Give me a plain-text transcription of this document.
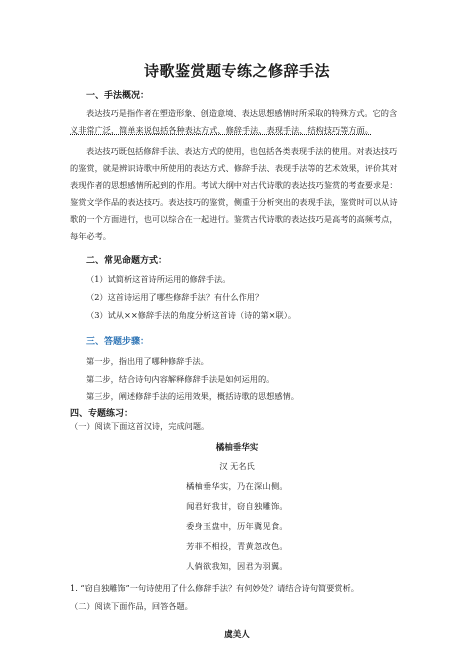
诗歌鉴赏题专练之修辞手法
一、手法概况：
表达技巧是指作者在塑造形象、创造意境、表达思想感情时所采取的特殊方式。它的含
义非常广泛，简单来说包括各种表达方式、修辞手法、表现手法、结构技巧等方面。
表达技巧既包括修辞手法、表达方式的使用，也包括各类表现手法的使用。对表达技巧
的鉴赏，就是辨识诗歌中所使用的表达方式、修辞手法、表现手法等的艺术效果，评价其对
表现作者的思想感情所起到的作用。考试大纲中对古代诗歌的表达技巧鉴赏的考查要求是：
鉴赏文学作品的表达技巧。表达技巧的鉴赏，侧重于分析突出的表现手法，鉴赏时可以从诗
歌的一个方面进行，也可以综合在一起进行。鉴赏古代诗歌的表达技巧是高考的高频考点，
每年必考。
二、常见命题方式：
（1）试简析这首诗所运用的修辞手法。
（2）这首诗运用了哪些修辞手法？有什么作用？
（3）试从××修辞手法的角度分析这首诗（诗的第×联）。
三、答题步骤：
第一步，指出用了哪种修辞手法。
第二步，结合诗句内容解释修辞手法是如何运用的。
第三步，阐述修辞手法的运用效果，概括诗歌的思想感情。
四、专题练习：
（一）阅读下面这首汉诗，完成问题。
橘柚垂华实
汉 无名氏
橘柚垂华实，乃在深山侧。
闻君好我甘，窃自独雕饰。
委身玉盘中，历年冀见食。
芳菲不相投，青黄忽改色。
人倘欲我知，因君为羽翼。
1. “窃自独雕饰”一句诗使用了什么修辞手法？有何妙处？请结合诗句简要赏析。
（二）阅读下面作品，回答各题。
虞美人
